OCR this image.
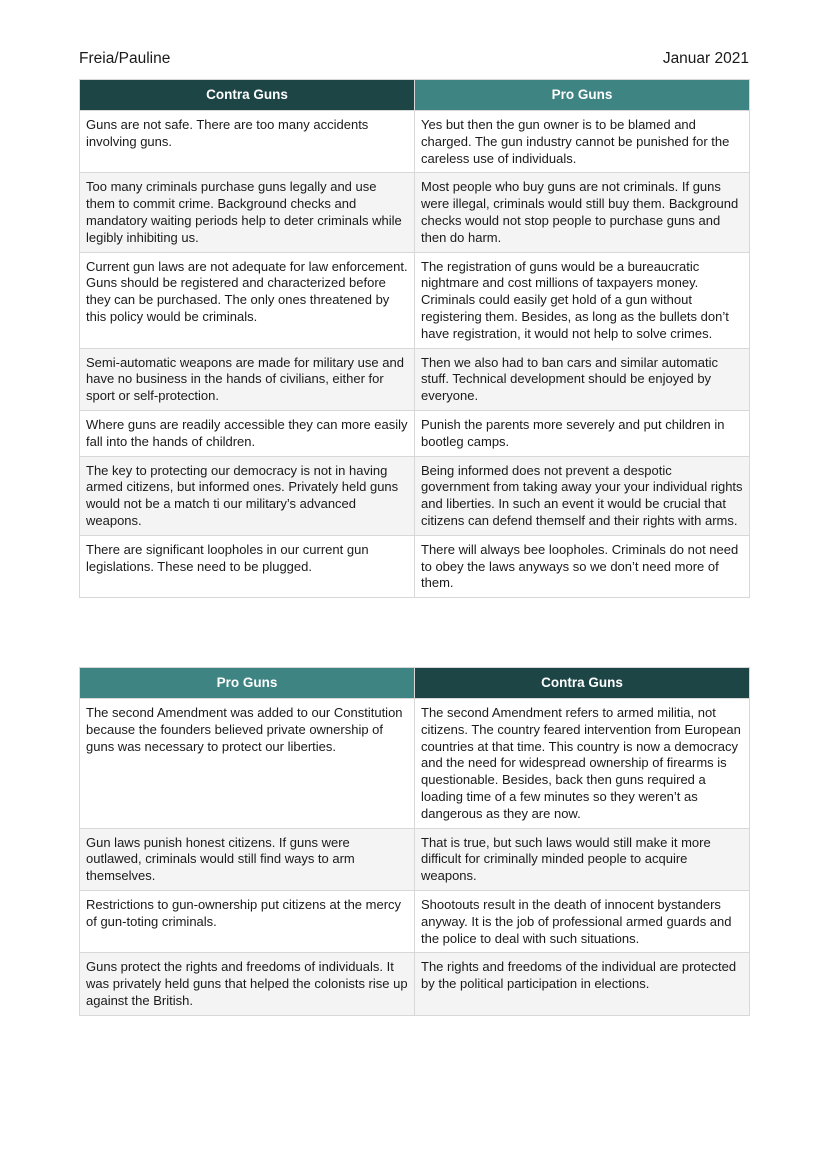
Freia/Pauline	Januar 2021
Contra Guns	Pro Guns
Guns are not safe. There are too many accidents involving guns.	Yes but then the gun owner is to be blamed and charged. The gun industry cannot be punished for the careless use of individuals.
Too many criminals purchase guns legally and use them to commit crime. Background checks and mandatory waiting periods help to deter criminals while legibly inhibiting us.	Most people who buy guns are not criminals. If guns were illegal, criminals would still buy them. Background checks would not stop people to purchase guns and then do harm.
Current gun laws are not adequate for law enforcement. Guns should be registered and characterized before they can be purchased. The only ones threatened by this policy would be criminals.	The registration of guns would be a bureaucratic nightmare and cost millions of taxpayers money. Criminals could easily get hold of a gun without registering them. Besides, as long as the bullets don’t have registration, it would not help to solve crimes.
Semi-automatic weapons are made for military use and have no business in the hands of civilians, either for sport or self-protection.	Then we also had to ban cars and similar automatic stuff. Technical development should be enjoyed by everyone.
Where guns are readily accessible they can more easily fall into the hands of children.	Punish the parents more severely and put children in bootleg camps.
The key to protecting our democracy is not in having armed citizens, but informed ones. Privately held guns would not be a match ti our military’s advanced weapons.	Being informed does not prevent a despotic government from taking away your your individual rights and liberties. In such an event it would be crucial that citizens can defend themself and their rights with arms.
There are significant loopholes in our current gun legislations. These need to be plugged.	There will always bee loopholes. Criminals do not need to obey the laws anyways so we don’t need more of them.
Pro Guns	Contra Guns
The second Amendment was added to our Constitution because the founders believed private ownership of guns was necessary to protect our liberties.	The second Amendment refers to armed militia, not citizens. The country feared intervention from European countries at that time. This country is now a democracy and the need for widespread ownership of firearms is questionable. Besides, back then guns required a loading time of a few minutes so they weren’t as dangerous as they are now.
Gun laws punish honest citizens. If guns were outlawed, criminals would still find ways to arm themselves.	That is true, but such laws would still make it more difficult for criminally minded people to acquire weapons.
Restrictions to gun-ownership put citizens at the mercy of gun-toting criminals.	Shootouts result in the death of innocent bystanders anyway. It is the job of professional armed guards and the police to deal with such situations.
Guns protect the rights and freedoms of individuals. It was privately held guns that helped the colonists rise up against the British.	The rights and freedoms of the individual are protected by the political participation in elections.
